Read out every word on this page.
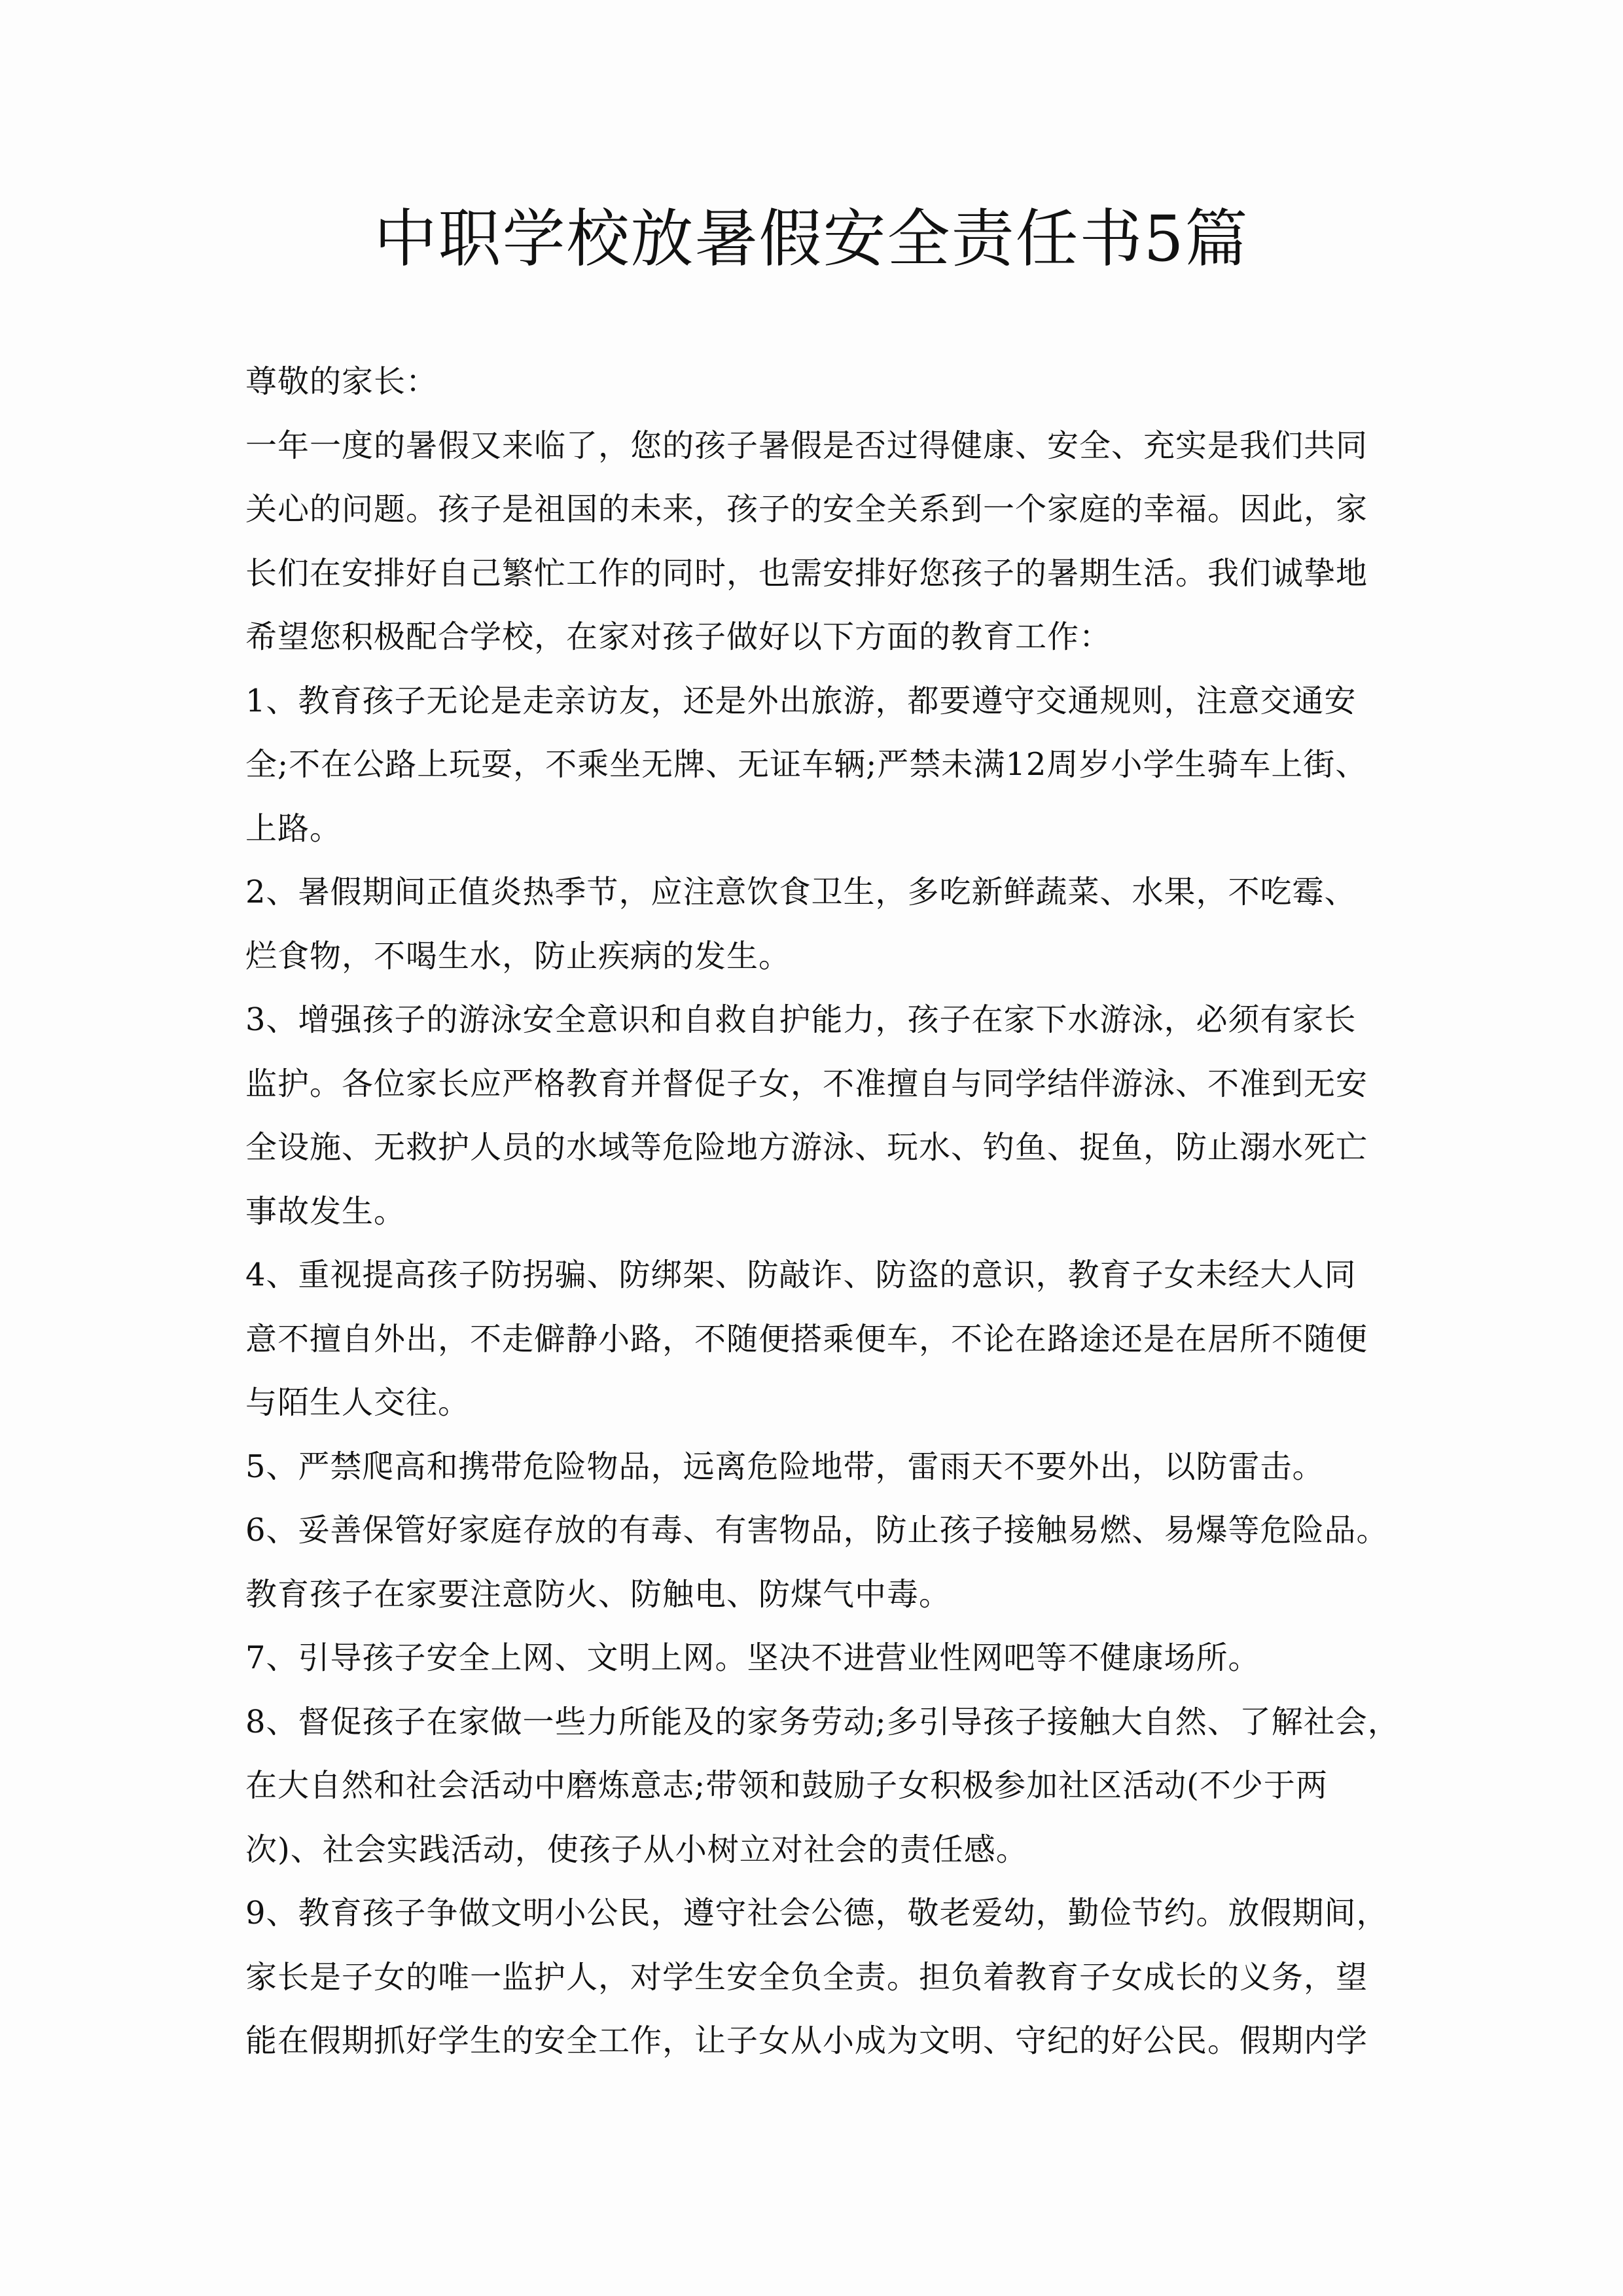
中职学校放暑假安全责任书5篇
尊敬的家长：
一年一度的暑假又来临了，您的孩子暑假是否过得健康、安全、充实是我们共同
关心的问题。孩子是祖国的未来，孩子的安全关系到一个家庭的幸福。因此，家
长们在安排好自己繁忙工作的同时，也需安排好您孩子的暑期生活。我们诚挚地
希望您积极配合学校，在家对孩子做好以下方面的教育工作：
1、教育孩子无论是走亲访友，还是外出旅游，都要遵守交通规则，注意交通安
全;不在公路上玩耍，不乘坐无牌、无证车辆;严禁未满12周岁小学生骑车上街、
上路。
2、暑假期间正值炎热季节，应注意饮食卫生，多吃新鲜蔬菜、水果，不吃霉、
烂食物，不喝生水，防止疾病的发生。
3、增强孩子的游泳安全意识和自救自护能力，孩子在家下水游泳，必须有家长
监护。各位家长应严格教育并督促子女，不准擅自与同学结伴游泳、不准到无安
全设施、无救护人员的水域等危险地方游泳、玩水、钓鱼、捉鱼，防止溺水死亡
事故发生。
4、重视提高孩子防拐骗、防绑架、防敲诈、防盗的意识，教育子女未经大人同
意不擅自外出，不走僻静小路，不随便搭乘便车，不论在路途还是在居所不随便
与陌生人交往。
5、严禁爬高和携带危险物品，远离危险地带，雷雨天不要外出，以防雷击。
6、妥善保管好家庭存放的有毒、有害物品，防止孩子接触易燃、易爆等危险品。
教育孩子在家要注意防火、防触电、防煤气中毒。
7、引导孩子安全上网、文明上网。坚决不进营业性网吧等不健康场所。
8、督促孩子在家做一些力所能及的家务劳动;多引导孩子接触大自然、了解社会，
在大自然和社会活动中磨炼意志;带领和鼓励子女积极参加社区活动(不少于两
次)、社会实践活动，使孩子从小树立对社会的责任感。
9、教育孩子争做文明小公民，遵守社会公德，敬老爱幼，勤俭节约。放假期间，
家长是子女的唯一监护人，对学生安全负全责。担负着教育子女成长的义务，望
能在假期抓好学生的安全工作，让子女从小成为文明、守纪的好公民。假期内学
